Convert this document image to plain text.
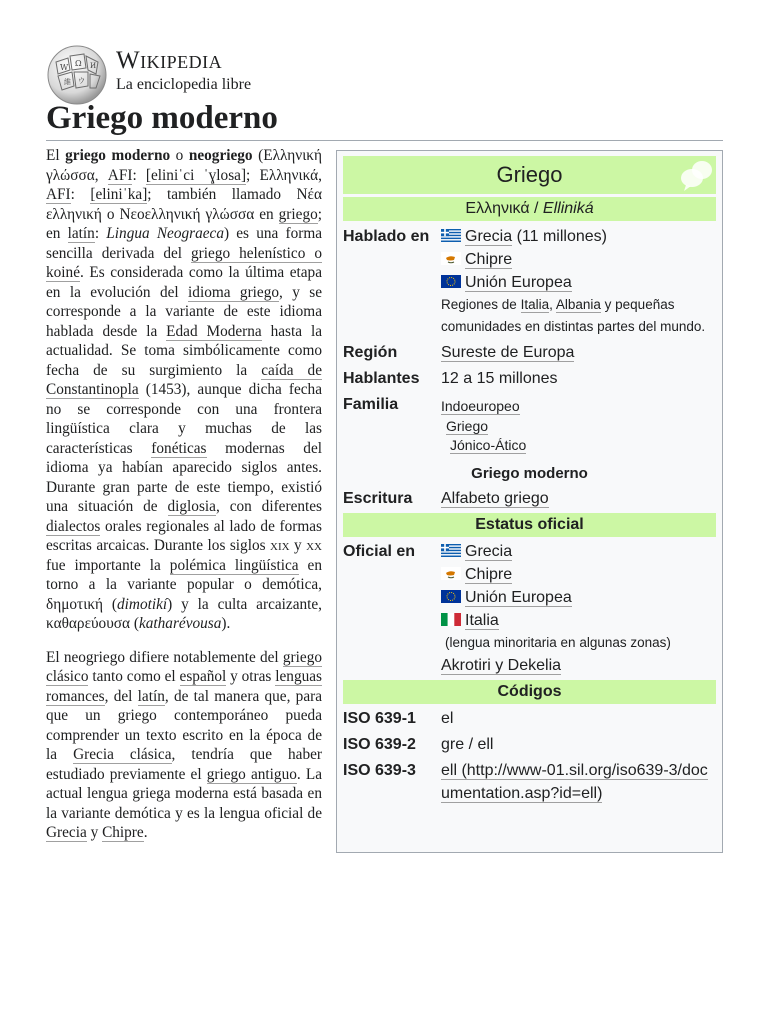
W Ω И
維 ウ
Wikipedia
La enciclopedia libre
Griego moderno
Griego
Ελληνικά / Elliniká
Hablado en	Grecia (11 millones)
Chipre
Unión Europea
Regiones de Italia, Albania y pequeñas comunidades en distintas partes del mundo.
Región	Sureste de Europa
Hablantes	12 a 15 millones
Familia	Indoeuropeo
Griego
Jónico-Ático
Griego moderno
Escritura	Alfabeto griego
Estatus oficial
Oficial en	Grecia
Chipre
Unión Europea
Italia
(lengua minoritaria en algunas zonas)
Akrotiri y Dekelia
Códigos
ISO 639-1	el
ISO 639-2	gre / ell
ISO 639-3	ell (http://www-01.sil.org/iso639-3/documentation.asp?id=ell)

El griego moderno o neogriego (Ελληνική γλώσσα, AFI: [eliniˈci ˈɣlosa]; Ελληνικά, AFI: [eliniˈka]; también llamado Νέα ελληνική o Νεοελληνική γλώσσα en griego; en latín: Lingua Neograeca) es una forma sencilla derivada del griego helenístico o koiné. Es considerada como la última etapa en la evolución del idioma griego, y se corresponde a la variante de este idioma hablada desde la Edad Moderna hasta la actualidad. Se toma simbólicamente como fecha de su surgimiento la caída de Constantinopla (1453), aunque dicha fecha no se corresponde con una frontera lingüística clara y muchas de las características fonéticas modernas del idioma ya habían aparecido siglos antes. Durante gran parte de este tiempo, existió una situación de diglosia, con diferentes dialectos orales regionales al lado de formas escritas arcaicas. Durante los siglos xix y xx fue importante la polémica lingüística en torno a la variante popular o demótica, δημοτική (dimotikí) y la culta arcaizante, καθαρεύουσα (katharévousa).

El neogriego difiere notablemente del griego clásico tanto como el español y otras lenguas romances, del latín, de tal manera que, para que un griego contemporáneo pueda comprender un texto escrito en la época de la Grecia clásica, tendría que haber estudiado previamente el griego antiguo. La actual lengua griega moderna está basada en la variante demótica y es la lengua oficial de Grecia y Chipre.
